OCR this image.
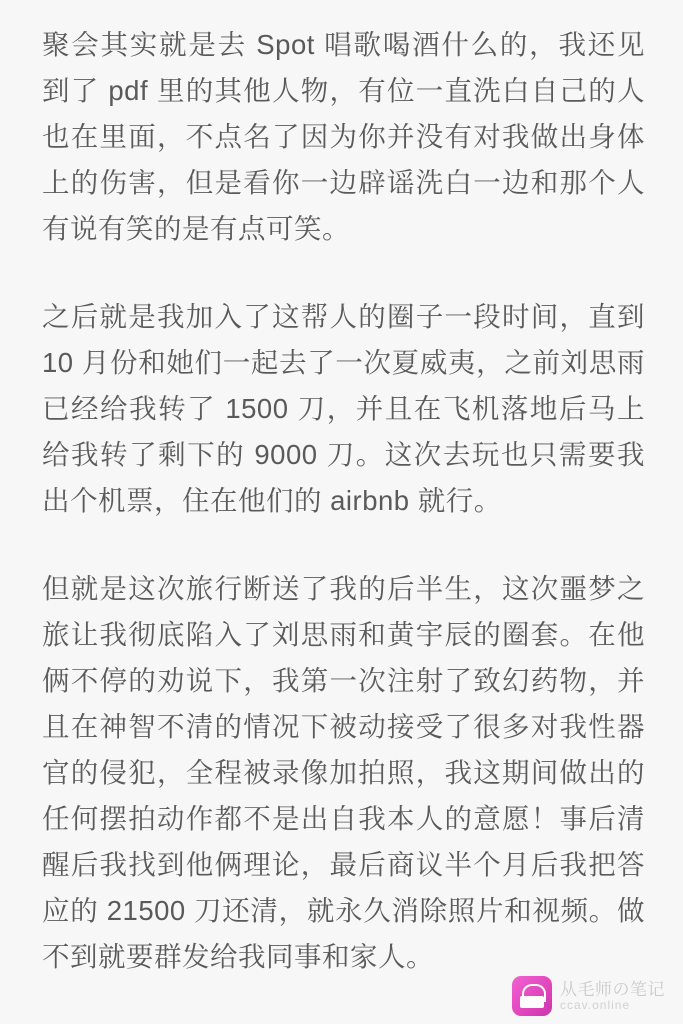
聚会其实就是去 Spot 唱歌喝酒什么的，我还见到了 pdf 里的其他人物，有位一直洗白自己的人也在里面，不点名了因为你并没有对我做出身体上的伤害，但是看你一边辟谣洗白一边和那个人有说有笑的是有点可笑。

之后就是我加入了这帮人的圈子一段时间，直到 10 月份和她们一起去了一次夏威夷，之前刘思雨已经给我转了 1500 刀，并且在飞机落地后马上给我转了剩下的 9000 刀。这次去玩也只需要我出个机票，住在他们的 airbnb 就行。

但就是这次旅行断送了我的后半生，这次噩梦之旅让我彻底陷入了刘思雨和黄宇辰的圈套。在他俩不停的劝说下，我第一次注射了致幻药物，并且在神智不清的情况下被动接受了很多对我性器官的侵犯，全程被录像加拍照，我这期间做出的任何摆拍动作都不是出自我本人的意愿！事后清醒后我找到他俩理论，最后商议半个月后我把答应的 21500 刀还清，就永久消除照片和视频。做不到就要群发给我同事和家人。

从毛师の笔记
ccav.online
